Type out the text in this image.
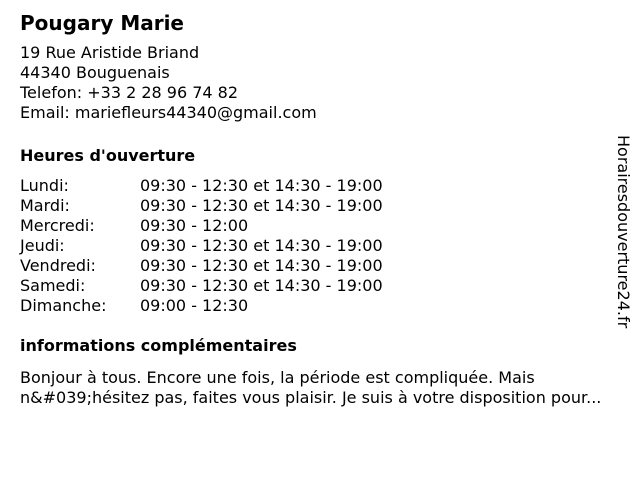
Pougary Marie
19 Rue Aristide Briand
44340 Bouguenais
Telefon: +33 2 28 96 74 82
Email: mariefleurs44340@gmail.com
Heures d'ouverture
Lundi:	09:30 - 12:30 et 14:30 - 19:00
Mardi:	09:30 - 12:30 et 14:30 - 19:00
Mercredi:	09:30 - 12:00
Jeudi:	09:30 - 12:30 et 14:30 - 19:00
Vendredi:	09:30 - 12:30 et 14:30 - 19:00
Samedi:	09:30 - 12:30 et 14:30 - 19:00
Dimanche:	09:00 - 12:30
informations complémentaires
Bonjour à tous. Encore une fois, la période est compliquée. Mais n&#039;hésitez pas, faites vous plaisir. Je suis à votre disposition pour...
Horairesdouverture24.fr
